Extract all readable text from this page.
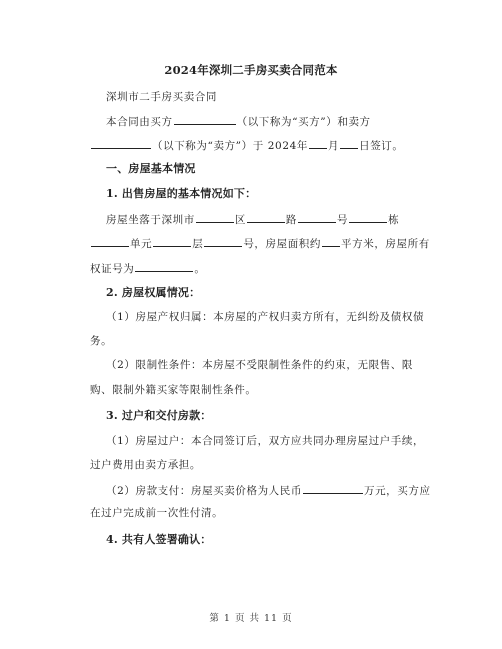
2024年深圳二手房买卖合同范本
深圳市二手房买卖合同
本合同由买方	（以下称为“买方”）和卖方
（以下称为“卖方”）于 2024年 月 日签订。
一、房屋基本情况
1. 出售房屋的基本情况如下：
房屋坐落于深圳市	区	路	号	栋
单元	层	号，房屋面积约 平方米，房屋所有
权证号为	。
2. 房屋权属情况：
（1）房屋产权归属：本房屋的产权归卖方所有，无纠纷及债权债
务。
（2）限制性条件：本房屋不受限制性条件的约束，无限售、限
购、限制外籍买家等限制性条件。
3. 过户和交付房款：
（1）房屋过户：本合同签订后，双方应共同办理房屋过户手续，
过户费用由卖方承担。
（2）房款支付：房屋买卖价格为人民币	万元，买方应
在过户完成前一次性付清。
4. 共有人签署确认：
第 1 页 共 11 页
